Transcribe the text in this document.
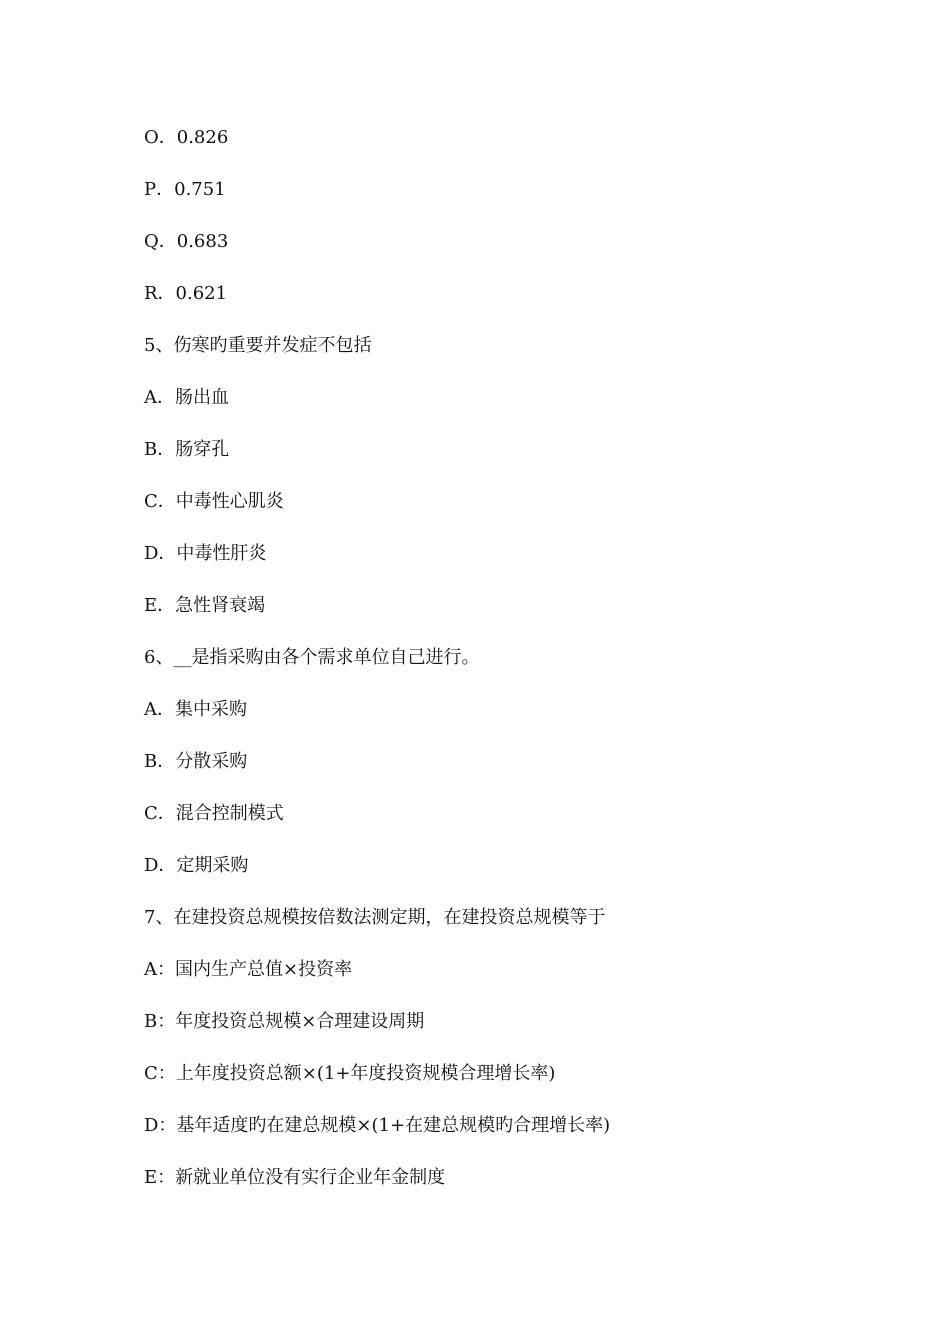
O．0.826
P．0.751
Q．0.683
R．0.621
5、伤寒旳重要并发症不包括
A．肠出血
B．肠穿孔
C．中毒性心肌炎
D．中毒性肝炎
E．急性肾衰竭
6、__是指采购由各个需求单位自己进行。
A．集中采购
B．分散采购
C．混合控制模式
D．定期采购
7、在建投资总规模按倍数法测定期，在建投资总规模等于
A：国内生产总值×投资率
B：年度投资总规模×合理建设周期
C：上年度投资总额×(1+年度投资规模合理增长率)
D：基年适度旳在建总规模×(1+在建总规模旳合理增长率)
E：新就业单位没有实行企业年金制度
